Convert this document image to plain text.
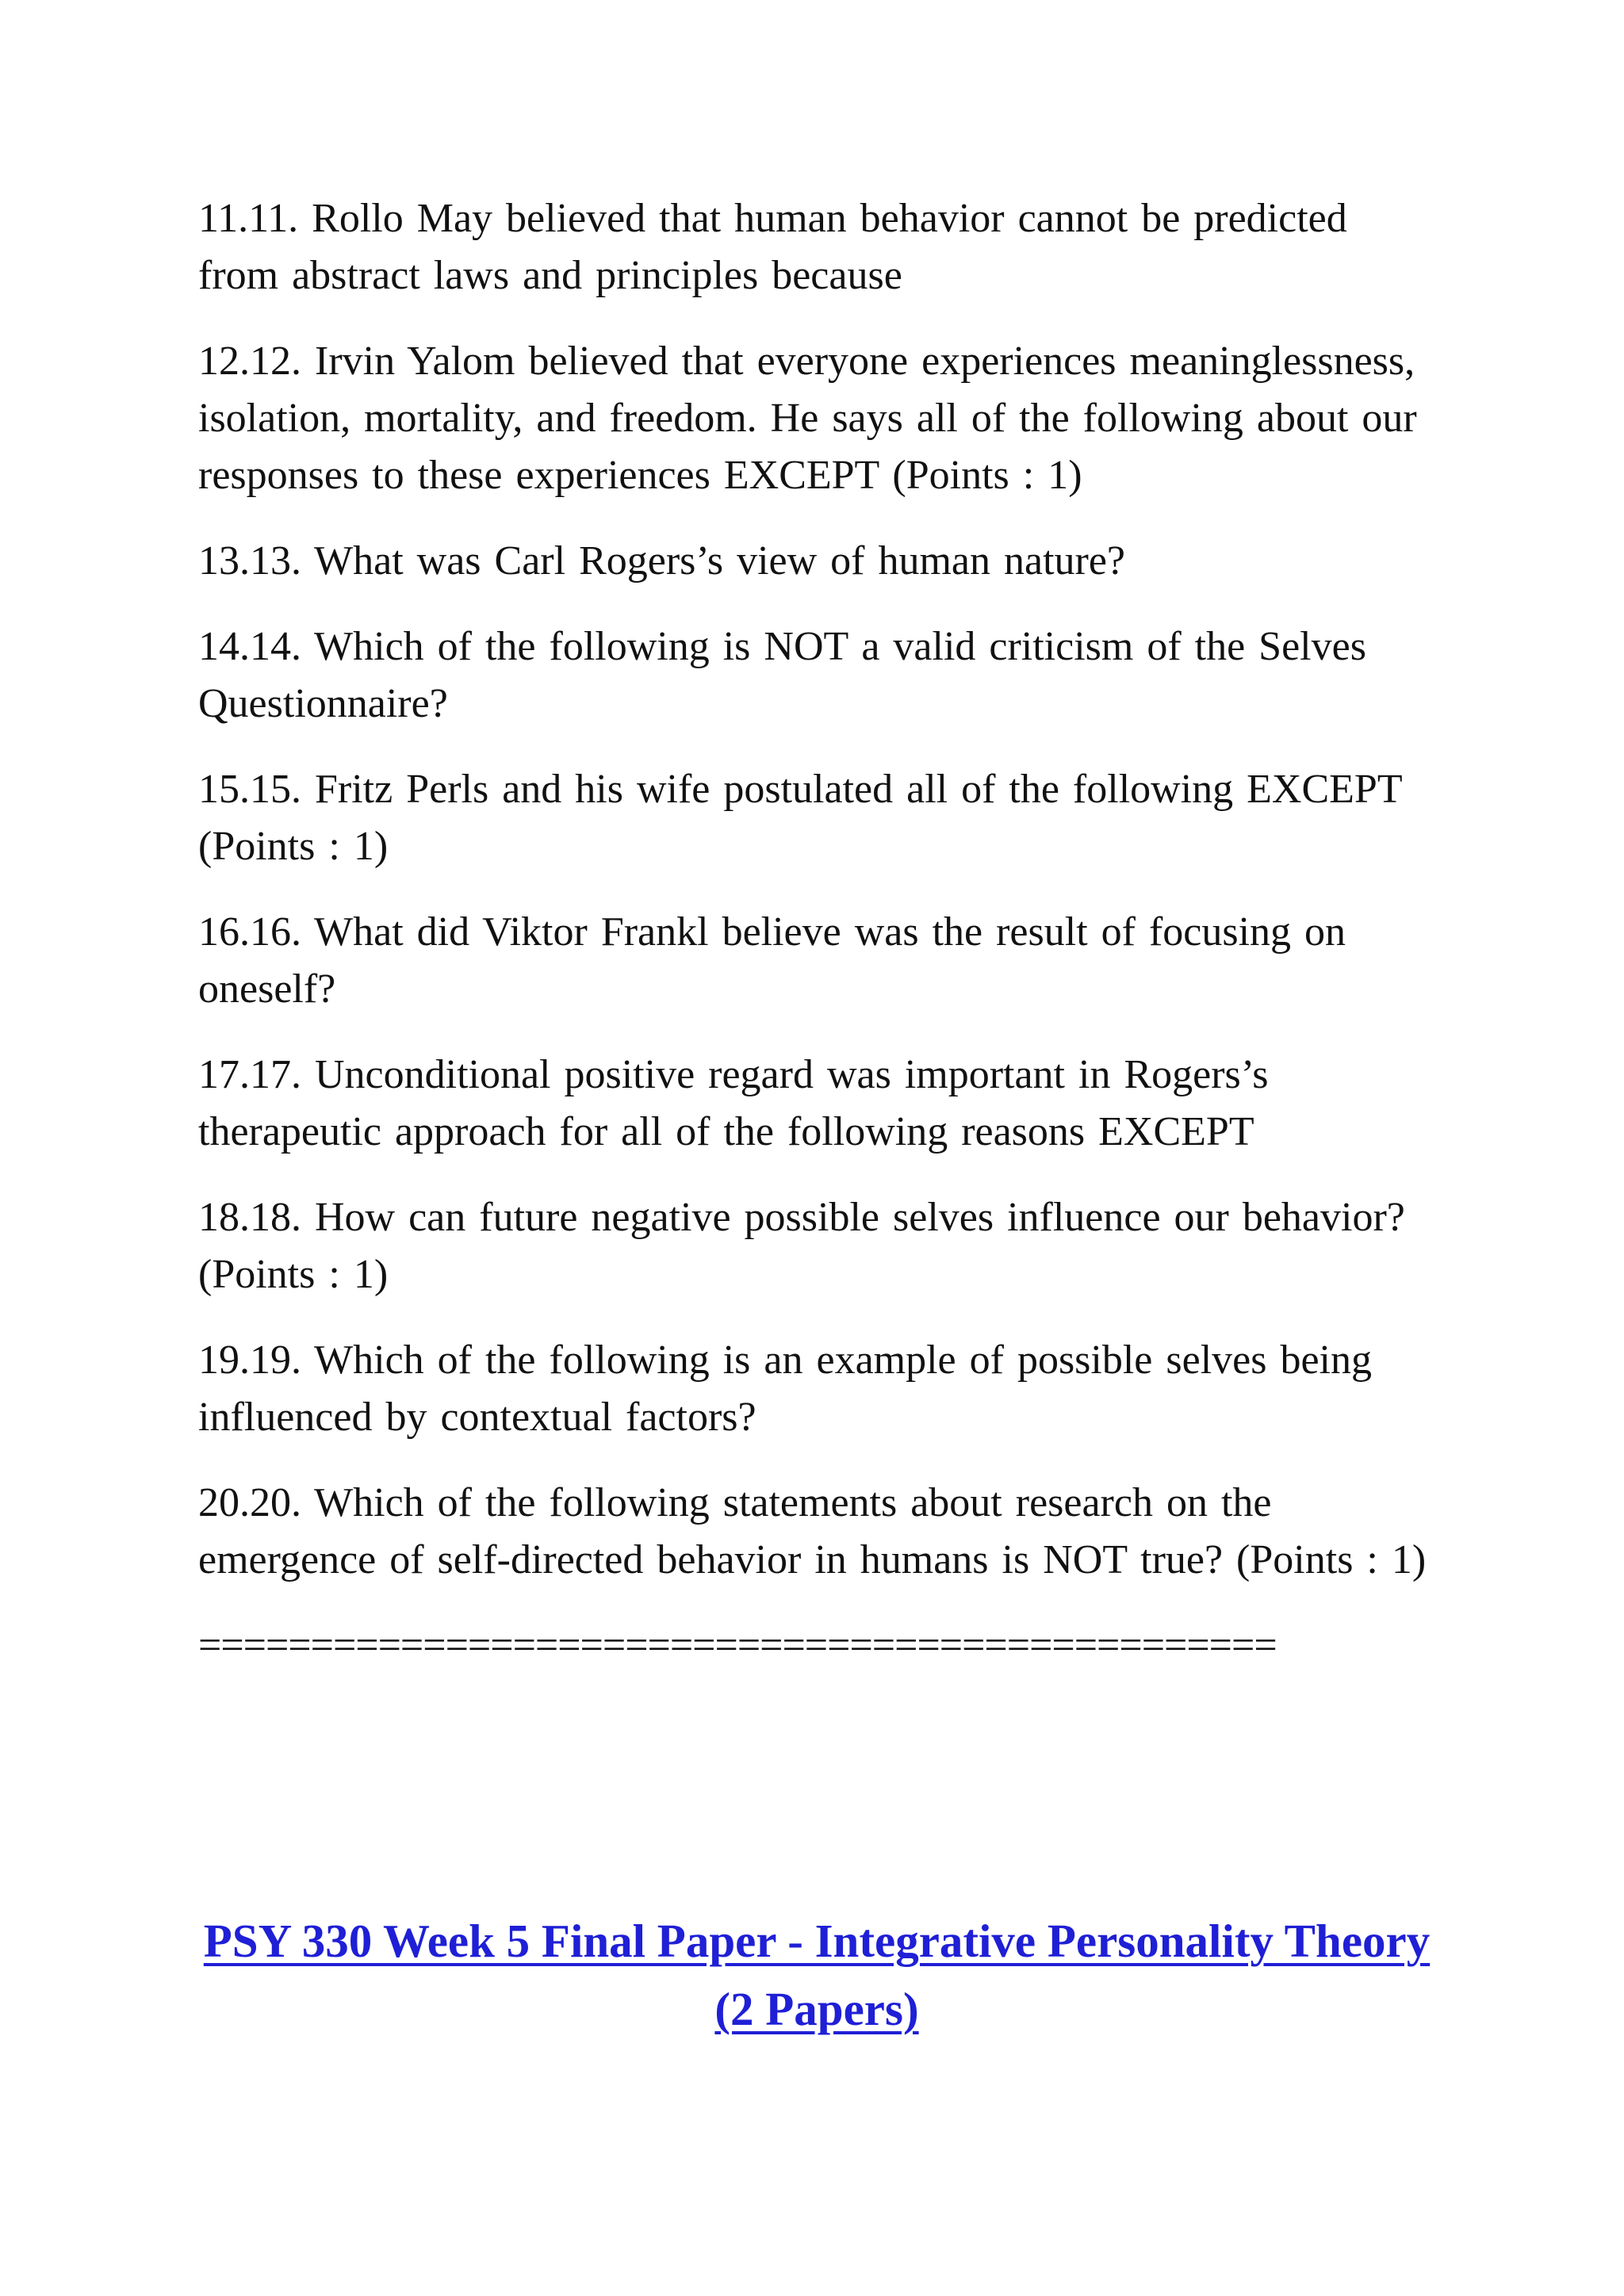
11.11. Rollo May believed that human behavior cannot be predicted from abstract laws and principles because

12.12. Irvin Yalom believed that everyone experiences meaninglessness, isolation, mortality, and freedom. He says all of the following about our responses to these experiences EXCEPT (Points : 1)

13.13. What was Carl Rogers’s view of human nature?

14.14. Which of the following is NOT a valid criticism of the Selves Questionnaire?

15.15. Fritz Perls and his wife postulated all of the following EXCEPT (Points : 1)

16.16. What did Viktor Frankl believe was the result of focusing on oneself?

17.17. Unconditional positive regard was important in Rogers’s therapeutic approach for all of the following reasons EXCEPT

18.18. How can future negative possible selves influence our behavior? (Points : 1)

19.19. Which of the following is an example of possible selves being influenced by contextual factors?

20.20. Which of the following statements about research on the emergence of self-directed behavior in humans is NOT true? (Points : 1)

================================================
PSY 330 Week 5 Final Paper - Integrative Personality Theory (2 Papers)
